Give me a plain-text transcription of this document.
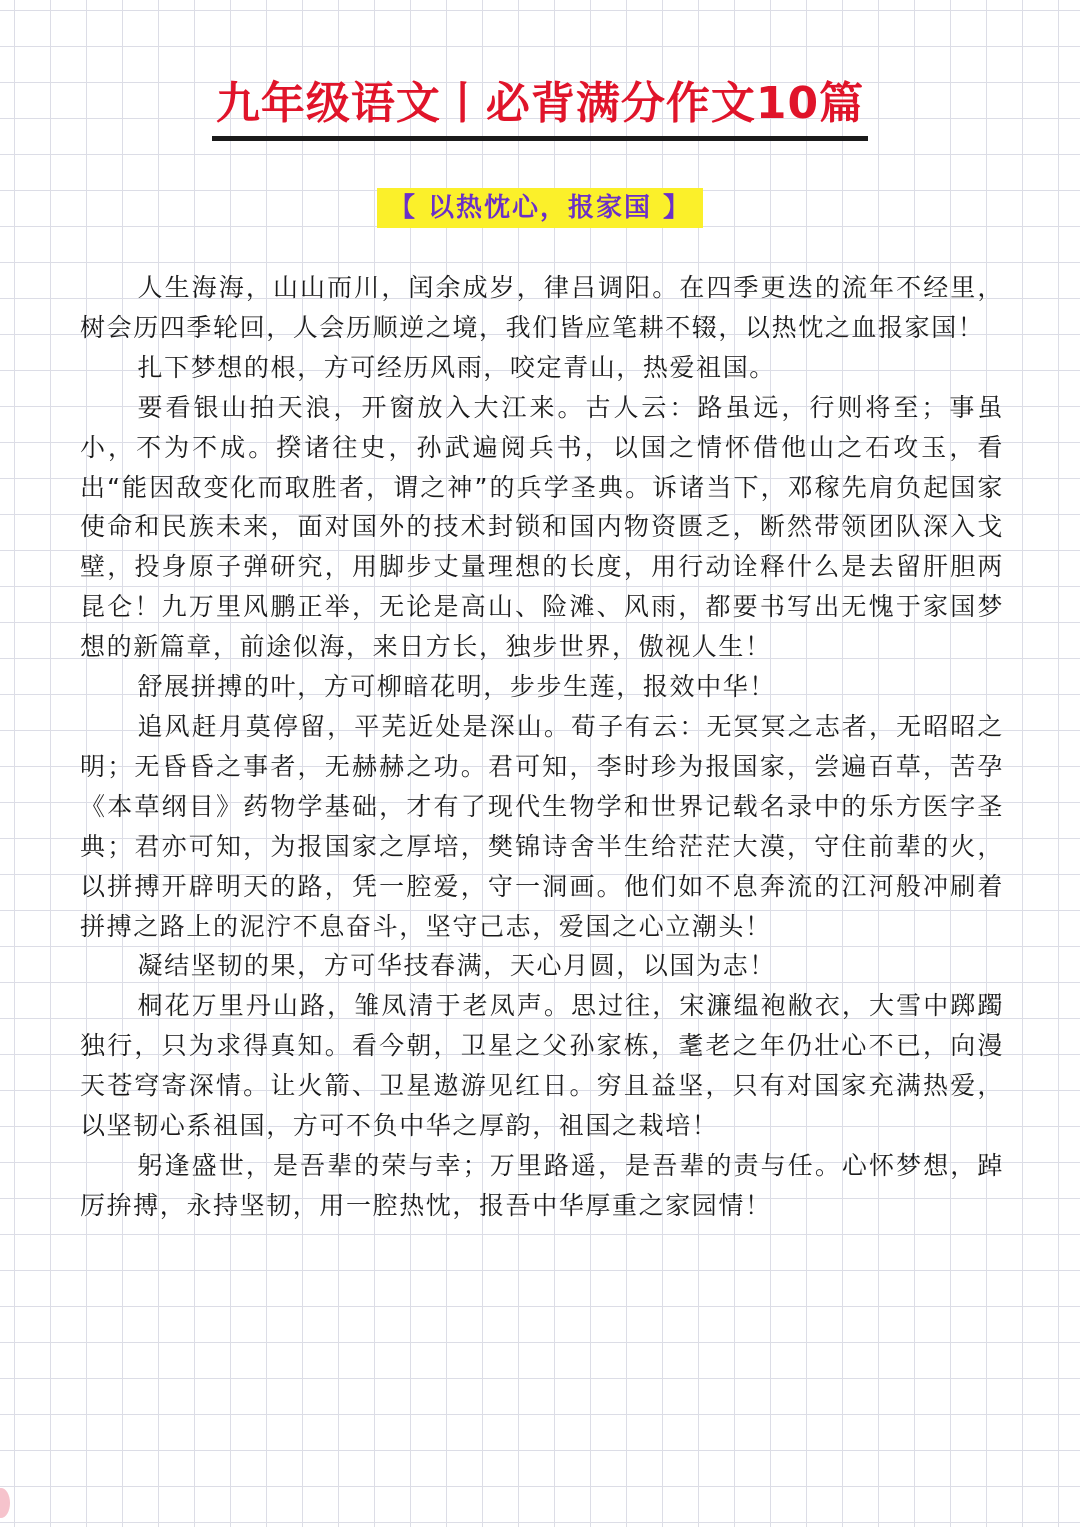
九年级语文丨必背满分作文10篇
【 以热忱心，报家国 】

人生海海，山山而川，闰余成岁，律吕调阳。在四季更迭的流年不经里，树会历四季轮回，人会历顺逆之境，我们皆应笔耕不辍，以热忱之血报家国！

扎下梦想的根，方可经历风雨，咬定青山，热爱祖国。

要看银山拍天浪，开窗放入大江来。古人云：路虽远，行则将至；事虽小，不为不成。揆诸往史，孙武遍阅兵书，以国之情怀借他山之石攻玉，看出“能因敌变化而取胜者，谓之神”的兵学圣典。诉诸当下，邓稼先肩负起国家使命和民族未来，面对国外的技术封锁和国内物资匮乏，断然带领团队深入戈壁，投身原子弹研究，用脚步丈量理想的长度，用行动诠释什么是去留肝胆两昆仑！九万里风鹏正举，无论是高山、险滩、风雨，都要书写出无愧于家国梦想的新篇章，前途似海，来日方长，独步世界，傲视人生！

舒展拼搏的叶，方可柳暗花明，步步生莲，报效中华！

追风赶月莫停留，平芜近处是深山。荀子有云：无冥冥之志者，无昭昭之明；无昏昏之事者，无赫赫之功。君可知，李时珍为报国家，尝遍百草，苦孕《本草纲目》药物学基础，才有了现代生物学和世界记载名录中的乐方医字圣典；君亦可知，为报国家之厚培，樊锦诗舍半生给茫茫大漠，守住前辈的火，以拼搏开辟明天的路，凭一腔爱，守一洞画。他们如不息奔流的江河般冲刷着拼搏之路上的泥泞不息奋斗，坚守己志，爱国之心立潮头！

凝结坚韧的果，方可华技春满，天心月圆，以国为志！

桐花万里丹山路，雏凤清于老凤声。思过往，宋濂缊袍敝衣，大雪中踯躅独行，只为求得真知。看今朝，卫星之父孙家栋，耄老之年仍壮心不已，向漫天苍穹寄深情。让火箭、卫星遨游见红日。穷且益坚，只有对国家充满热爱，以坚韧心系祖国，方可不负中华之厚韵，祖国之栽培！

躬逢盛世，是吾辈的荣与幸；万里路遥，是吾辈的责与任。心怀梦想，踔厉拚搏，永持坚韧，用一腔热忱，报吾中华厚重之家园情！
